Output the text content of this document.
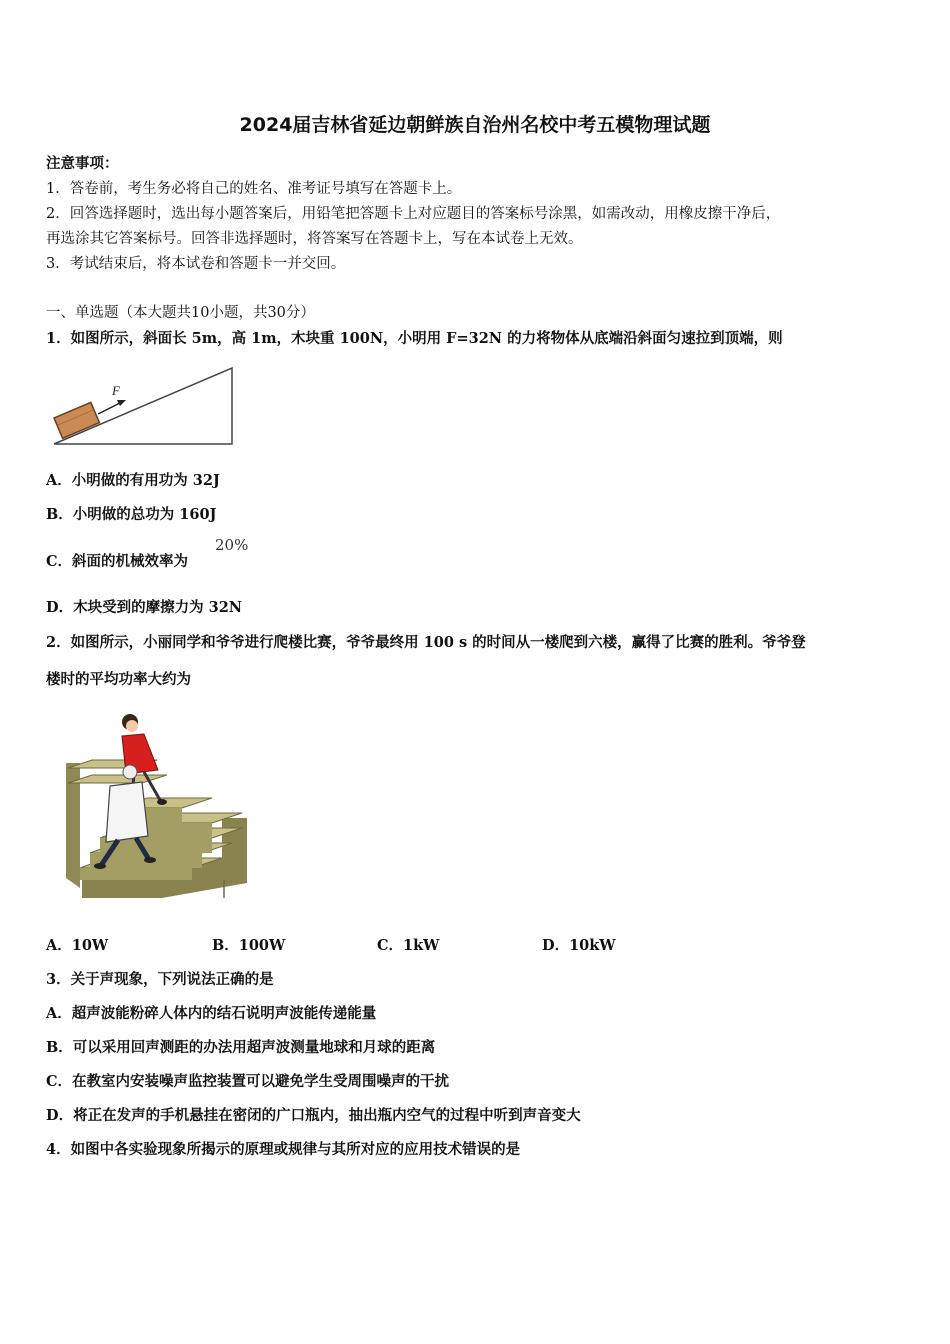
2024届吉林省延边朝鲜族自治州名校中考五模物理试题
注意事项：
1．答卷前，考生务必将自己的姓名、准考证号填写在答题卡上。
2．回答选择题时，选出每小题答案后，用铅笔把答题卡上对应题目的答案标号涂黑，如需改动，用橡皮擦干净后，
再选涂其它答案标号。回答非选择题时，将答案写在答题卡上，写在本试卷上无效。
3．考试结束后，将本试卷和答题卡一并交回。
一、单选题（本大题共10小题，共30分）
1．如图所示，斜面长 5m，高 1m，木块重 100N，小明用 F=32N 的力将物体从底端沿斜面匀速拉到顶端，则
F
A．小明做的有用功为 32J
B．小明做的总功为 160J
C．斜面的机械效率为
20%
D．木块受到的摩擦力为 32N
2．如图所示，小丽同学和爷爷进行爬楼比赛，爷爷最终用 100 s 的时间从一楼爬到六楼，赢得了比赛的胜利。爷爷登
楼时的平均功率大约为
A．10W	B．100W	C．1kW	D．10kW
3．关于声现象，下列说法正确的是
A．超声波能粉碎人体内的结石说明声波能传递能量
B．可以采用回声测距的办法用超声波测量地球和月球的距离
C．在教室内安装噪声监控装置可以避免学生受周围噪声的干扰
D．将正在发声的手机悬挂在密闭的广口瓶内，抽出瓶内空气的过程中听到声音变大
4．如图中各实验现象所揭示的原理或规律与其所对应的应用技术错误的是
